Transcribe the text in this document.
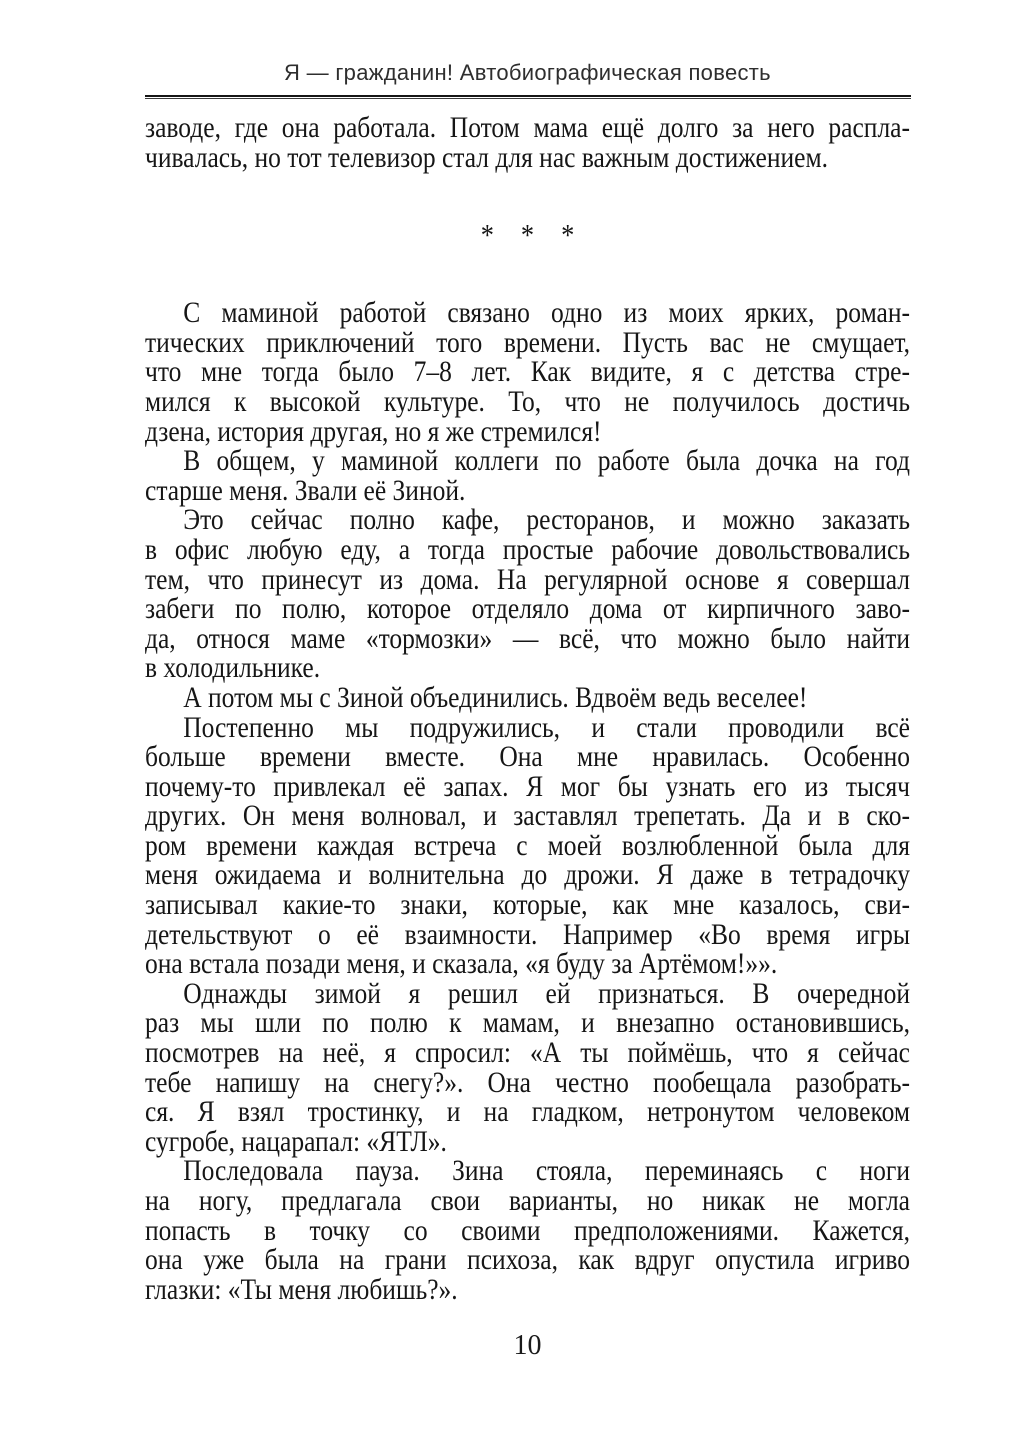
Я — гражданин! Автобиографическая повесть
заводе, где она работала. Потом мама ещё долго за него распла-
чивалась, но тот телевизор стал для нас важным достижением.
* * *
С маминой работой связано одно из моих ярких, роман-
тических приключений того времени. Пусть вас не смущает,
что мне тогда было 7–8 лет. Как видите, я с детства стре-
мился к высокой культуре. То, что не получилось достичь
дзена, история другая, но я же стремился!
В общем, у маминой коллеги по работе была дочка на год
старше меня. Звали её Зиной.
Это сейчас полно кафе, ресторанов, и можно заказать
в офис любую еду, а тогда простые рабочие довольствовались
тем, что принесут из дома. На регулярной основе я совершал
забеги по полю, которое отделяло дома от кирпичного заво-
да, относя маме «тормозки» — всё, что можно было найти
в холодильнике.
А потом мы с Зиной объединились. Вдвоём ведь веселее!
Постепенно мы подружились, и стали проводили всё
больше времени вместе. Она мне нравилась. Особенно
почему-то привлекал её запах. Я мог бы узнать его из тысяч
других. Он меня волновал, и заставлял трепетать. Да и в ско-
ром времени каждая встреча с моей возлюбленной была для
меня ожидаема и волнительна до дрожи. Я даже в тетрадочку
записывал какие-то знаки, которые, как мне казалось, сви-
детельствуют о её взаимности. Например «Во время игры
она встала позади меня, и сказала, «я буду за Артёмом!»».
Однажды зимой я решил ей признаться. В очередной
раз мы шли по полю к мамам, и внезапно остановившись,
посмотрев на неё, я спросил: «А ты поймёшь, что я сейчас
тебе напишу на снегу?». Она честно пообещала разобрать-
ся. Я взял тростинку, и на гладком, нетронутом человеком
сугробе, нацарапал: «ЯТЛ».
Последовала пауза. Зина стояла, переминаясь с ноги
на ногу, предлагала свои варианты, но никак не могла
попасть в точку со своими предположениями. Кажется,
она уже была на грани психоза, как вдруг опустила игриво
глазки: «Ты меня любишь?».
10
